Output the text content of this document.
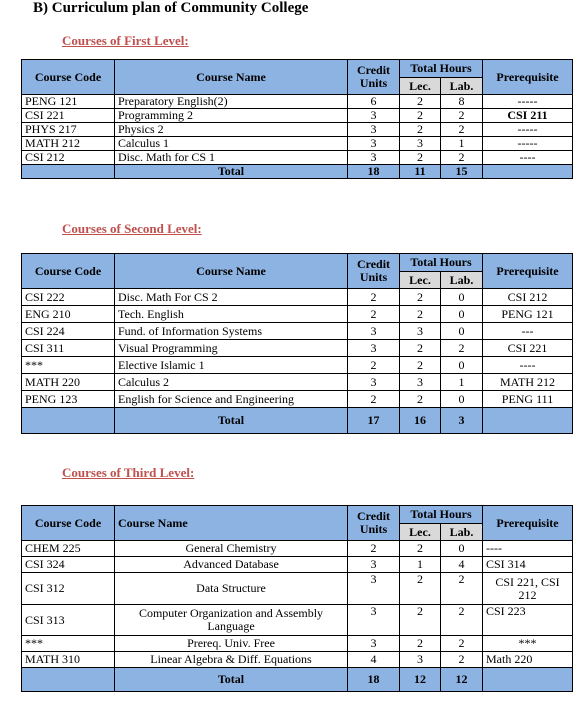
B) Curriculum plan of Community College
Courses of First Level:
Course Code	Course Name	Credit Units	Total Hours		Prerequisite
			Lec.	Lab.	
PENG 121	Preparatory English(2)	6	2	8	-----
CSI 221	Programming 2	3	2	2	CSI 211
PHYS 217	Physics 2	3	2	2	-----
MATH 212	Calculus 1	3	3	1	-----
CSI 212	Disc. Math for CS 1	3	2	2	----
	Total	18	11	15	
Courses of Second Level:
Course Code	Course Name	Credit Units	Total Hours		Prerequisite
			Lec.	Lab.	
CSI 222	Disc. Math For CS 2	2	2	0	CSI 212
ENG 210	Tech. English	2	2	0	PENG 121
CSI 224	Fund. of Information Systems	3	3	0	---
CSI 311	Visual Programming	3	2	2	CSI 221
***	Elective Islamic 1	2	2	0	----
MATH 220	Calculus 2	3	3	1	MATH 212
PENG 123	English for Science and Engineering	2	2	0	PENG 111
	Total	17	16	3	
Courses of Third Level:
Course Code	Course Name	Credit Units	Total Hours		Prerequisite
			Lec.	Lab.	
CHEM 225	General Chemistry	2	2	0	----
CSI 324	Advanced Database	3	1	4	CSI 314
CSI 312	Data Structure	3	2	2	CSI 221, CSI 212
CSI 313	Computer Organization and Assembly Language	3	2	2	CSI 223
***	Prereq. Univ. Free	3	2	2	***
MATH 310	Linear Algebra & Diff. Equations	4	3	2	Math 220
	Total	18	12	12	
